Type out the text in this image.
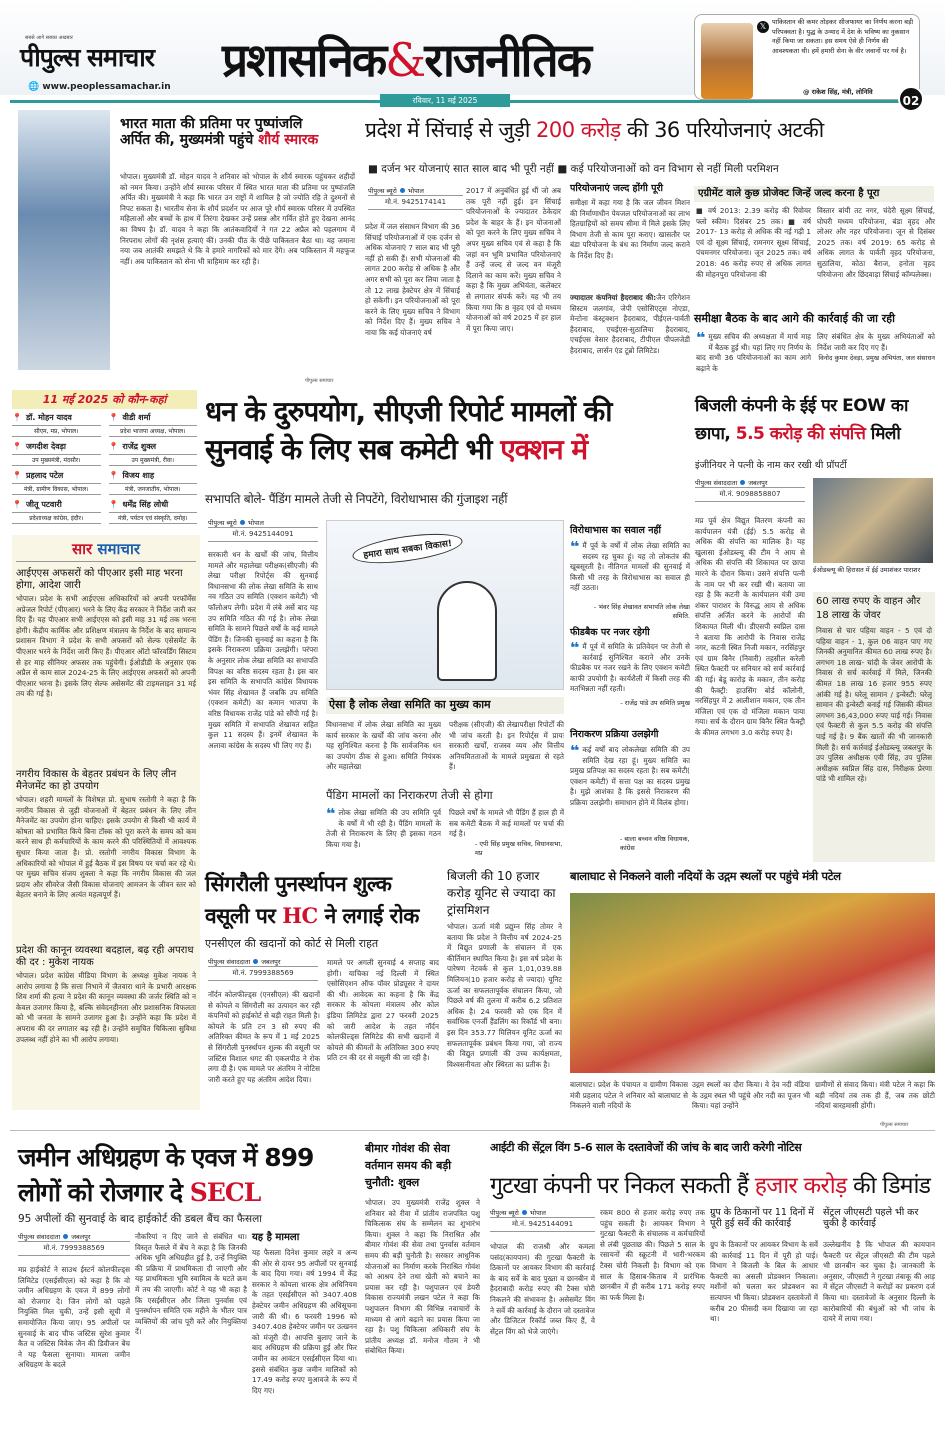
सबसे आगे सबका अखबार
पीपुल्स समाचार
🌐 www.peoplessamachar.in प्रशासनिक&राजनीतिक
𝕏 पाकिस्तान की कमर तोड़कर सीजफायर का निर्णय करना बड़ी परिपक्वता है। युद्ध के उन्माद में देश के भविष्य का नुकसान नहीं किया जा सकता। इस समय ऐसे ही निर्णय की आवश्यकता थी। हमें हमारी सेना के वीर जवानों पर गर्व है।
@ राकेश सिंह, मंत्री, लोनिवि
रविवार, 11 मई 2025	02
भारत माता की प्रतिमा पर पुष्पांजलि
अर्पित की, मुख्यमंत्री पहुंचे शौर्य स्मारक
भोपाल। मुख्यमंत्री डॉ. मोहन यादव ने शनिवार को भोपाल के शौर्य स्मारक पहुंचकर शहीदों को नमन किया। उन्होंने शौर्य स्मारक परिसर में स्थित भारत माता की प्रतिमा पर पुष्पांजलि अर्पित की। मुख्यमंत्री ने कहा कि भारत उन राष्ट्रों में शामिल है जो ज्योति रहि ते दुश्मनों से निपट सकता है। भारतीय सेना के शौर्य प्रदर्शन पर आज पूरे शौर्य स्मारक परिसर में उपस्थित महिलाओं और बच्चों के हाथ में तिरंगा देखकर उन्हें प्रसन्न और गर्वित होते हुए देखना आनंद का विषय है। डॉ. यादव ने कहा कि आतंकवादियों ने गत 22 अप्रैल को पहलगाम में निरपराध लोगों की नृशंस हत्याएं कीं। उनकी पीठ के पीछे पाकिस्तान बैठा था। यह जमाना नया जब आतंकी समझते थे कि वे हमारे नागरिकों को मार देंगे। अब पाकिस्तान में महफूज नहीं। अब पाकिस्तान को सेना भी त्राहिमाम कर रही है।
पीपुल्स समाचार
प्रदेश में सिंचाई से जुड़ी 200 करोड़ की 36 परियोजनाएं अटकी
■ दर्जन भर योजनाएं सात साल बाद भी पूरी नहीं ■ कई परियोजनाओं को वन विभाग से नहीं मिली परमिशन
पीपुल्स ब्यूरो भोपाल
मो.नं. 9425174141
प्रदेश में जल संसाधन विभाग की 36 सिंचाई परियोजनाओं में एक दर्जन से अधिक योजनाएं 7 साल बाद भी पूरी नहीं हो सकी हैं। सभी योजनाओं की लागत 200 करोड़ से अधिक है और अगर सभी को पूरा कर लिया जाता है तो 12 लाख हेक्टेयर क्षेत्र में सिंचाई हो सकेगी। इन परियोजनाओं को पूरा करने के लिए मुख्य सचिव ने विभाग को निर्देश दिए हैं। मुख्य सचिव ने नाया कि कई योजनाएं वर्ष
2017 में अनुबंधित हुई थीं जो अब तक पूरी नहीं हुई। इन सिंचाई परियोजनाओं के ज्यादातर ठेकेदार प्रदेश के बाहर के हैं। इन योजनाओं को पूरा करने के लिए मुख्य सचिव ने अपर मुख्य सचिव एवं से कहा है कि जहां वन भूमि प्रभावित परियोजनाएं हैं उन्हें जल्द से जल्द वन मंजूरी दिलाने का काम करें। मुख्य सचिव ने कहा है कि मुख्य अभियंता, कलेक्टर से लगातार संपर्क करें। यह भी तय किया गया कि 8 वृहद एवं दो मध्यम योजनाओं को वर्ष 2025 में हर हाल में पूरा किया जाए।
परियोजनाएं जल्द होंगी पूरी
समीक्षा में कहा गया है कि जल जीवन मिशन की निर्माणाधीन पेयजल परियोजनाओं का लाभ हितग्राहियों को समय सीमा में मिले इसके लिए विभाग तेजी से काम पूरा कराए। खासतौर पर बंडा परियोजना के बंध का निर्माण जल्द कराने के निर्देश दिए हैं।
ज्यादातर कंपनियां हैदराबाद की:जैन एरिगेशन सिस्टम जलगांव, जेपी एसोसिएट्स नोएडा, मेन्टोना कंस्ट्रक्शन हैदराबाद, पीईएल-पार्वती हैदराबाद, एचईएस-सुठालिया हैदराबाद, एचईएस वेसार हैदराबाद, टीपीएल पीपलजेडी हैदराबाद, लार्सन एंड टूब्रो लिमिटेड।
एग्रीमेंट वाले कुछ प्रोजेक्ट जिन्हें जल्द करना है पूरा
■ वर्ष 2013: 2.39 करोड़ की रिवोयर फ्लो स्कीम। दिसंबर 25 तक। ■ वर्ष 2017- 13 करोड़ से अधिक की नई गढ़ी 1 एवं दो सूक्ष्म सिंचाई, रामनगर सूक्ष्म सिंचाई, पंचमनगर परियोजना। जून 2025 तक। वर्ष 2018: 46 करोड़ रुपए से अधिक लागत की मोहनपुरा परियोजना की
विस्तार बांयी तट नगर, चंदेरी सूक्ष्म सिंचाई, घोघरी मध्यम परियोजना, बंडा वृहद और लोअर और नहर परियोजना। जून से दिसंबर 2025 तक। वर्ष 2019: 65 करोड़ से अधिक लागत के पार्वती वृहद परियोजना, सुठालिया, कोठा बैराज, हनोता वृहद परियोजना और छिंदवाड़ा सिंचाई कॉम्पलेक्स।
समीक्षा बैठक के बाद आगे की कार्रवाई की जा रही
❝ मुख्य सचिव की अध्यक्षता में मार्च माह में बैठक हुई थी। यहां लिए गए निर्णय के बाद सभी 36 परियोजनाओं का काम आगे बढ़ाने के
लिए संबंधित क्षेत्र के मुख्य अभियंताओं को निर्देश जारी कर दिए गए हैं।
विनोद कुमार देवड़ा, प्रमुख अभियंता, जल संसाधन
11 मई 2025 को कौन-कहां
📍 डॉ. मोहन यादव
सीएम, मप्र, भोपाल।
📍 वीडी शर्मा
प्रदेश भाजपा अध्यक्ष, भोपाल।
📍 जगदीश देवड़ा
उप मुख्यमंत्री, मंदसौर।
📍 राजेंद्र शुक्ल
उप मुख्यमंत्री, रीवा।
📍 प्रहलाद पटेल
मंत्री, ग्रामीण विकास, भोपाल।
📍 विजय शाह
मंत्री, जनजातीय, भोपाल।
📍 जीतू पटवारी
प्रदेशाध्यक्ष कांग्रेस, इंदौर।
📍 धर्मेंद्र सिंह लोधी
मंत्री, पर्यटन एवं संस्कृति, दमोह।
धन के दुरुपयोग, सीएजी रिपोर्ट मामलों की सुनवाई के लिए सब कमेटी भी एक्शन में
सभापति बोले- पैंडिंग मामले तेजी से निपटेंगे, विरोधाभास की गुंजाइश नहीं
पीपुल्स ब्यूरो भोपाल
मो.नं. 9425144091
सरकारी धन के खर्चों की जांच, वित्तीय मामले और महालेखा परीक्षक(सीएजी) की लेखा परीक्षा रिपोर्ट्स की सुनवाई विधानसभा की लोक लेखा समिति के साथ नव गठित उप समिति (एक्शन कमेटी) भी फॉलोअप लेगी। प्रदेश में लंबे अर्से बाद यह उप समिति गठित की गई है। लोक लेखा समिति के सामने पिछले वर्षों के कई मामले पेंडिंग हैं। जिनकी सुनवाई का कहना है कि इसके निराकरण प्रक्रिया उलझेगी। परंपरा के अनुसार लोक लेखा समिति का सभापति विपक्ष का वरिष्ठ सदस्य रहता है। इस बार इस समिति के सभापति कांग्रेस विधायक भंवर सिंह शेखावत हैं जबकि उप समिति (एक्शन कमेटी) का कमान भाजपा के वरिष्ठ विधायक राजेंद्र पांडे को सौंपी गई है। मुख्य समिति में सभापति शेखावत सहित कुल 11 सदस्य हैं। इनमें शेखावत के अलावा कांग्रेस के सदस्य भी लिए गए हैं।
हमारा साथ सबका विकास!
ऐसा है लोक लेखा समिति का मुख्य काम
विधानसभा में लोक लेखा समिति का मुख्य कार्य सरकार के खर्चों की जांच करना और यह सुनिश्चित करना है कि सार्वजनिक धन का उपयोग ठीक से हुआ। समिति नियंत्रक और महालेखा
परीक्षक (सीएजी) की लेखापरीक्षा रिपोर्टों की भी जांच करती है। इन रिपोर्ट्स में प्रायः सरकारी खर्चों, राजस्व व्यय और वित्तीय अनियमितताओं के मामले प्रमुखता से रहते हैं।
पैंडिग मामलों का निराकरण तेजी से होगा
❝ लोक लेखा समिति की उप समिति पूर्व के वर्षों में भी रही है। पैंडिंग मामलों के तेजी से निराकरण के लिए ही इसका गठन किया गया है।
पिछले वर्षों के मामले भी पैंडिंग हैं हाल ही में सब कमेटी बैठक में कई मामलों पर चर्चा की गई है।
- एपी सिंह प्रमुख सचिव, विधानसभा, मप्र
विरोधाभास का सवाल नहीं
❝ मैं पूर्व के वर्षों में लोक लेखा समिति का सदस्य रह चुका हूं। यह तो लोकतंत्र की खूबसूरती है। नीतिगत मामलों की सुनवाई में किसी भी तरह के विरोधाभास का सवाल ही नहीं उठता।
- भंवर सिंह शेखावत सभापति लोक लेखा समिति.
फीडबैक पर नजर रहेगी
❝ मैं पूर्व में समिति के प्रतिवेदन पर तेजी से कार्रवाई सुनिश्चित कराने और उनके फीडबैक पर नजर रखने के लिए एक्शन कमेटी काफी उपयोगी है। कार्यशैली में किसी तरह की मतभिन्नता नहीं रहती।
- राजेंद्र पांडे उप समिति प्रमुख
निराकरण प्रक्रिया उलझेगी
❝ कई वर्षों बाद लोकलेखा समिति की उप समिति देख रहा हूं। मुख्य समिति का प्रमुख प्रतिपक्ष का सदस्य रहता है। सब कमेटी( एक्शन कमेटी) में सत्ता पक्ष का सदस्य प्रमुख है। मुझे आशंका है कि इससे निराकरण की प्रक्रिया उलझेगी। समाधान होने में विलंब होगा।
- बाला बच्चन वरिष्ठ विधायक, कांग्रेस
बिजली कंपनी के ईई पर EOW का छापा, 5.5 करोड़ की संपत्ति मिली
इंजीनियर ने पत्नी के नाम कर रखी थी प्रॉपर्टी
पीपुल्स संवाददाता जबलपुर
मो.नं. 9098858807
मप्र पूर्व क्षेत्र विद्युत वितरण कंपनी का कार्यपालन यंत्री (ईई) 5.5 करोड़ से अधिक की संपत्ति का मालिक है। यह खुलासा ईओडब्ल्यू की टीम ने आय से अधिक की संपत्ति की शिकायत पर छापा मारने के दौरान किया। उसने संपत्ति पत्नी के नाम पर भी कर रखी थी। बताया जा रहा है कि कटनी के कार्यपालन यंत्री उमा शंकर पाराशर के विरुद्ध आय से अधिक संपत्ति अर्जित करने के आरोपों की शिकायत मिली थी। डीएसपी स्वप्निल दास ने बताया कि आरोपी के निवास राजेंद्र नगर, कटनी स्थित निजी मकान, नरसिंहपुर एवं ग्राम बिनैर (निवारी) तहसील करेली स्थित फैक्टरी पर सनियार को सर्च कार्रवाई की गई। बेडू कारोड़ के मकान, तीन करोड़ की फैक्ट्री: हाउसिंग बोर्ड कॉलोनी, नरसिंहपुर में 2 आलीशान मकान, एक तीन मंजिला एवं एक दो मंजिला मकान पाया गया। सर्च के दौरान ग्राम बिनैर स्थित फैक्ट्री के कीमत लगभग 3.0 करोड़ रुपए है।
ईओडब्ल्यू की हिरासत में ईई उमाशंकर पाराशर
60 लाख रुपए के वाहन और 18 लाख के जेवर
निवास से चार पहिया वाहन - 5 एवं दो पहिया वाहन - 1, कुल 06 वाहन पाए गए जिनकी अनुमानित कीमत 60 लाख रुपए है। लगभग 18 लाख- चांदी के जेवर आरोपी के निवास से सर्च कार्रवाई में मिले, जिनकी कीमत 18 लाख 16 हजार 955 रुपए आंकी गई है। घरेलू सामान / इन्वेस्टी: घरेलू सामान की इन्वेस्टी बनाई गई जिसकी कीमत लगभग 36,43,000 रुपए पाई गई। निवास एवं फैक्टरी से कुल 5.5 करोड़ की संपत्ति पाई गई है। 9 बैंक खातों की भी जानकारी मिली है। सर्च कार्रवाई ईओडब्ल्यू जबलपुर के उप पुलिस अधीक्षक एवी सिंह, उप पुलिस अधीक्षक स्वप्निल सिंह दास, निरीक्षक प्रेरणा पांडे भी शामिल रहे।
सार समाचार
आईएएस अफसरों को पीएआर इसी माह भरना होगा, आदेश जारी
भोपाल। प्रदेश के सभी आईएएस अधिकारियों को अपनी परफॉर्मेंस अप्रेजल रिपोर्ट (पीएआर) भरने के लिए केंद्र सरकार ने निर्देश जारी कर दिए हैं। यह पीएआर सभी आईएएस को इसी माह 31 मई तक भरना होगी। केंद्रीय कार्मिक और प्रशिक्षण मंत्रालय के निर्देश के बाद सामान्य प्रशासन विभाग ने प्रदेश के सभी अफसरों को सेल्फ एसेसमेंट के पीएआर भरने के निर्देश जारी किए हैं। पीएआर ऑटो फॉरवर्डिंग सिस्टम से हर माह सीनियर अफसर तक पहुंचेगी। ईओडीडी के अनुसार एक अप्रैल से काम साल 2024-25 के लिए आईएएस अफसरों को अपनी पीएआर भरना है। इसके लिए सेल्फ असेसमेंट की टाइमलाइन 31 मई तय की गई है।
नगरीय विकास के बेहतर प्रबंधन के लिए लीन मैनेजमेंट का हो उपयोग
भोपाल। शहरी मामलों के विशेषज्ञ प्रो. सुभाष रस्तोगी ने कहा है कि नगरीय विकास से जुड़ी योजनाओं में बेहतर प्रबंधन के लिए लीन मैनेजमेंट का उपयोग होना चाहिए। इसके उपयोग से किसी भी कार्य में कोषता को प्रभावित किये बिना टॉस्क को पूरा करने के समय को कम करने साथ ही कर्मचारियों के काम करने की परिस्थितियों में आवश्यक सुधार किया जाता है। प्रो. रस्तोगी नगरीय विकास विभाग के अधिकारियों को भोपाल में हुई बैठक में इस विषय पर चर्चा कर रहे थे। पर मुख्य सचिव संजय शुक्ला ने कहा कि नगरीय विकास की जल प्रदाय और सीवरेज जैसी विकास योजनाएं आमजन के जीवन स्तर को बेहतर बनाने के लिए अत्यंत महत्वपूर्ण हैं।
प्रदेश की कानून व्यवस्था बदहाल, बढ़ रही अपराध की दर : मुकेश नायक
भोपाल। प्रदेश कांग्रेस मीडिया विभाग के अध्यक्ष मुकेश नायक ने आरोप लगाया है कि सत्ता निभाने में जैतवारा थाने के प्रभारी आरक्षक शिव शर्मा की हत्या ने प्रदेश की कानून व्यवस्था की जर्जर स्थिति को न केवल उजागर किया है, बल्कि संवेदनहीनता और प्रशासनिक विफलता को भी जनता के सामने उजागर हुआ है। उन्होंने कहा कि प्रदेश में अपराध की दर लगातार बढ़ रही है। उन्होंने समुचित चिकित्सा सुविधा उपलब्ध नहीं होने का भी आरोप लगाया।
सिंगरौली पुनर्स्थापन शुल्क वसूली पर HC ने लगाई रोक
एनसीएल की खदानों को कोर्ट से मिली राहत
पीपुल्स संवाददाता जबलपुर
मो.नं. 7999388569
नॉर्दन कोलफील्ड्स (एनसीएल) की खदानों से कोयले व सिंगरौली का उत्पादन कर रही कंपनियों को हाईकोर्ट से बड़ी राहत मिली है। कोयले के प्रति टन 3 सौ रुपए की अतिरिक्त कीमत के रूप में 1 मई 2025 से सिंगरौली पुनर्स्थापन शुल्क की वसूली पर जस्टिस विशाल धगट की एकलपीठ ने रोक लगा दी है। एक मामले पर अंतरिम ने नोटिस जारी करते हुए यह अंतरिम आदेश दिया।
मामले पर अगली सुनवाई 4 सप्ताह बाद होगी। याचिका नई दिल्ली में स्थित एसोसिएशन ऑफ पॉवर प्रोड्यूसर ने दायर की थी। आवेदक का कहना है कि केंद्र सरकार के कोयला मंत्रालय और कोल इंडिया लिमिटेड द्वारा 27 फरवरी 2025 को जारी आदेश के तहत नॉर्दन कोलफील्ड्स लिमिटेड की सभी खदानों में कोयले की कीमतों के अतिरिक्त 300 रुपए प्रति टन की दर से वसूली की जा रही है।
बिजली की 10 हजार करोड़ यूनिट से ज्यादा का ट्रांसमिशन
भोपाल। ऊर्जा मंत्री प्रद्युम्न सिंह तोमर ने बताया कि प्रदेश ने वित्तीय वर्ष 2024-25 में विद्युत प्रणाली के संचालन में एक कीर्तिमान स्थापित किया है। इस वर्ष प्रदेश के पारेषण नेटवर्क से कुल 1,01,039.88 मिलियन(10 हजार करोड़ से ज्यादा) यूनिट ऊर्जा का सफलतापूर्वक संचालन किया, जो पिछले वर्ष की तुलना में करीब 6.2 प्रतिशत अधिक है। 24 फरवरी को एक दिन में सर्वाधिक एनर्जी हैंडलिंग का रिकॉर्ड भी बना। इस दिन 353.77 मिलियन यूनिट ऊर्जा का सफलतापूर्वक प्रबंधन किया गया, जो राज्य की विद्युत प्रणाली की उच्च कार्यक्षमता, विश्वसनीयता और स्थिरता का प्रतीक है।
बालाघाट से निकलने वाली नदियों के उद्गम स्थलों पर पहुंचे मंत्री पटेल
बालाघाट। प्रदेश के पंचायत व ग्रामीण विकास मंत्री प्रहलाद पटेल ने शनिवार को बालाघाट से निकलने वाली नदियों के
उद्गम स्थलों का दौरा किया। वे देव नदी वंडिया के उद्गम स्थल भी पहुंचे और नदी का पूजन भी किया। यहां उन्होंने
ग्रामीणों से संवाद किया। मंत्री पटेल ने कहा कि बड़ी नदियां तब तक ही हैं, जब तक छोटी नदियां बारहमासी होंगी।
पीपुल्स समाचार
जमीन अधिग्रहण के एवज में 899 लोगों को रोजगार दे SECL
95 अपीलों की सुनवाई के बाद हाईकोर्ट की डबल बैंच का फैसला
पीपुल्स संवाददाता जबलपुर
मो.नं. 7999388569
मप्र हाईकोर्ट ने साउथ ईस्टर्न कोलफील्ड्स लिमिटेड (एसईसीएल) को कहा है कि वो जमीन अधिग्रहण के एवज में 899 लोगों को रोजगार दे। जिन लोगों को पहले नियुक्ति मिल चुकी, उन्हें इसी सूची में समायोजित किया जाए। 95 अपीलों पर सुनवाई के बाद चीफ जस्टिस सुरेश कुमार कैत व जस्टिस विवेक जैन की डिवीजन बेंच ने यह फैसला सुनाया। मामला जमीन अधिग्रहण के बदले
नौकरियां न दिए जाने से संबंधित था। विस्तृत फैसले में बेंच ने कहा है कि जिनकी अधिक भूमि अधिग्रहीत हुई है, उन्हें नियुक्ति की प्रक्रिया में प्राथमिकता दी जाएगी और यह प्राथमिकता भूमि स्वामित्व के घटते क्रम में तय की जाएगी। कोर्ट ने यह भी कहा है कि एसईसीएल और जिला पुनर्वास एवं पुनर्स्थापन समिति एक महीने के भीतर पात्र व्यक्तियों की जांच पूरी करें और नियुक्तियां दें।
यह है मामला
यह फैसला दिनेश कुमार लहरे व अन्य की ओर से दायर 95 अपीलों पर सुनवाई के बाद दिया गया। वर्ष 1994 में केंद्र सरकार ने कोयला धारक क्षेत्र अधिनियम के तहत एसईसीएल को 3407.408 हेक्टेयर जमीन अधिग्रहण की अधिसूचना जारी की थी। 6 फरवरी 1996 को 3407.408 हेक्टेयर जमीन पर उत्खनन को मंजूरी दी। आपत्ति बुलाए जाने के बाद अधिग्रहण की प्रक्रिया हुई और फिर जमीन का आवंटन एसईसीएल दिया था। इससे संबंधित कुछ जमीन मालिकों को 17.49 करोड़ रुपए मुआवजे के रूप में दिए गए।
बीमार गोवंश की सेवा वर्तमान समय की बड़ी चुनौती: शुक्ल
भोपाल। उप मुख्यमंत्री राजेंद्र शुक्ल ने शनिवार को रीवा में प्रांतीय राजपत्रित पशु चिकित्सक संघ के सम्मेलन का शुभारंभ किया। शुक्ल ने कहा कि निराश्रित और बीमार गोवंश की सेवा तथा पुनर्वास वर्तमान समय की बड़ी चुनौती है। सरकार आधुनिक योजनाओं का निर्माण करके निराश्रित गोवंश को आश्रय देने तथा खेती को बचाने का प्रयास कर रही है। पशुपालन एवं डेयरी विकास राज्यमंत्री लखन पटेल ने कहा कि पशुपालन विभाग की विभिन्न नवाचारों के माध्यम से आगे बढ़ाने का प्रयास किया जा रहा है। पशु चिकित्सा अधिकारी संघ के प्रांतीय अध्यक्ष डॉ. मनोज गौतम ने भी संबोधित किया।
आईटी की सेंट्रल विंग 5-6 साल के दस्तावेजों की जांच के बाद जारी करेगी नोटिस
गुटखा कंपनी पर निकल सकती हैं हजार करोड़ की डिमांड
पीपुल्स ब्यूरो भोपाल
मो.नं. 9425144091
भोपाल की राजश्री और कमला पसंद(कायपान) की गुटखा फैक्टरी के ठिकानों पर आयकर विभाग की कार्रवाई के बाद सर्वे के बाद पुख्ता व छानबीन में हैदराबादी करोड़ रुपए की टैक्स चोरी निकलने की संभावना है। असेसमेंट विंग ने सर्वे की कार्रवाई के दौरान जो दस्तावेज और डिजिटल रिकॉर्ड जब्त किए हैं, वे सेंट्रल विंग को भेजे जाएंगे।
रकम 800 से हजार करोड़ रुपए तक पहुंच सकती है। आयकर विभाग ने गुटखा फैक्टरी के संचालक व कर्मचारियों से लंबी पूछताछ की। पिछले 5 साल के रसायनों की स्क्रूटनी में भारी-भरकम टैक्स चोरी निकली है। विभाग को एक साल के हिसाब-किताब में प्रारंभिक छानबीन में ही करीब 171 करोड़ रुपए का फर्क मिला है।
ग्रुप के ठिकानों पर 11 दिनों में पूरी हुई सर्वे की कार्रवाई
ग्रुप के ठिकानों पर आयकर विभाग के सर्वे की कार्रवाई 11 दिन में पूरी हो पाई। विभाग ने बिजली के बिल के आधार फैक्टरी का असली प्रोडक्शन निकाला। मशीनों को चलता कर प्रोडक्शन का सत्यापन भी किया। प्रोडक्शन दस्तावेजों में करीब 20 फीसदी कम दिखाया जा रहा था।
सेंट्रल जीएसटी पहले भी कर चुकी है कार्रवाई
उल्लेखनीय है कि भोपाल की कायपान फैक्टरी पर सेंट्रल जीएसटी की टीम पहले भी छानबीन कर चुका है। जानकारी के अनुसार, जीएसटी ने गुटखा तंबाकू की आड़ में सेंट्रल जीएसटी ने करोड़ों का प्रकरण दर्ज किया था। दस्तावेजों के अनुसार दिल्ली के कारोबारियों की बंधुओं को भी जांच के दायरे में लाया गया।
